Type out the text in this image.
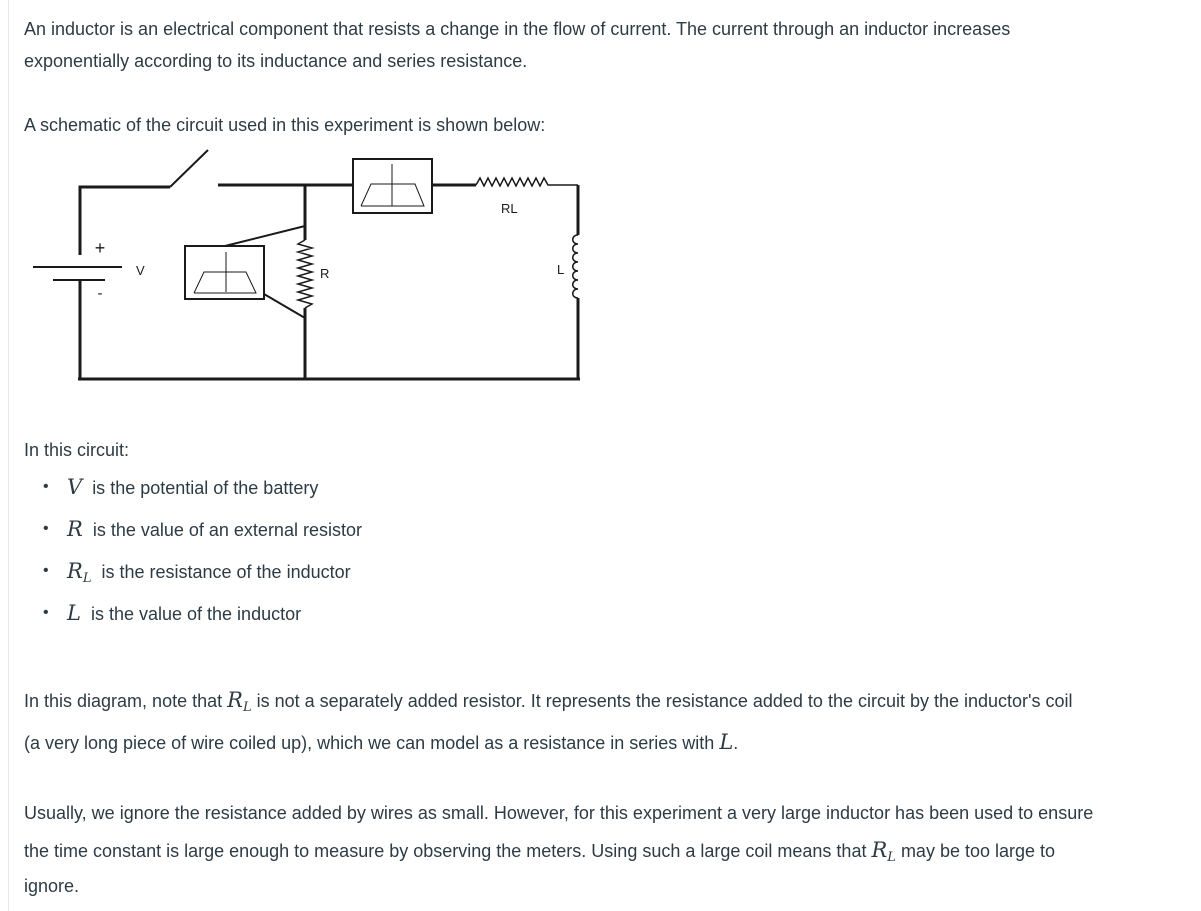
An inductor is an electrical component that resists a change in the flow of current. The current through an inductor increases

exponentially according to its inductance and series resistance.

A schematic of the circuit used in this experiment is shown below:

+
-
V	R
RL
L

In this circuit:

• V is the potential of the battery
• R is the value of an external resistor
• $R_L$ is the resistance of the inductor
• L is the value of the inductor

In this diagram, note that $R_L$ is not a separately added resistor. It represents the resistance added to the circuit by the inductor's coil

(a very long piece of wire coiled up), which we can model as a resistance in series with L.

Usually, we ignore the resistance added by wires as small. However, for this experiment a very large inductor has been used to ensure

the time constant is large enough to measure by observing the meters. Using such a large coil means that $R_L$ may be too large to

ignore.
